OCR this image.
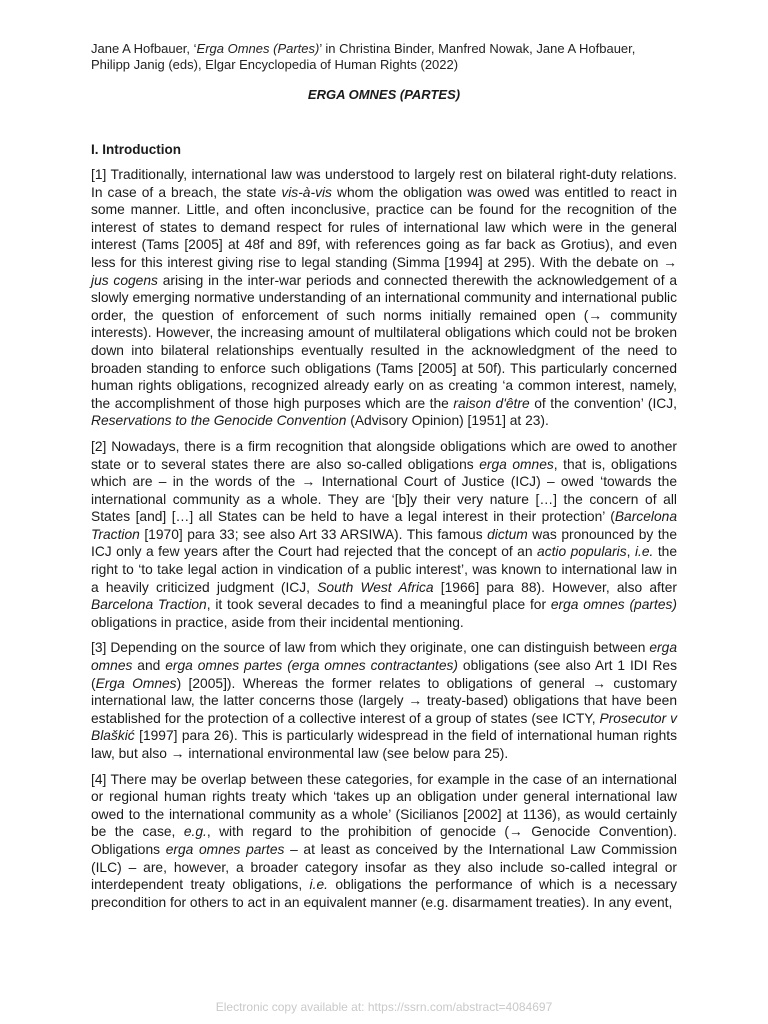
Jane A Hofbauer, ‘Erga Omnes (Partes)’ in Christina Binder, Manfred Nowak, Jane A Hofbauer,
Philipp Janig (eds), Elgar Encyclopedia of Human Rights (2022)
ERGA OMNES (PARTES)
I. Introduction

[1] Traditionally, international law was understood to largely rest on bilateral right-duty relations. In case of a breach, the state vis-à-vis whom the obligation was owed was entitled to react in some manner. Little, and often inconclusive, practice can be found for the recognition of the interest of states to demand respect for rules of international law which were in the general interest (Tams [2005] at 48f and 89f, with references going as far back as Grotius), and even less for this interest giving rise to legal standing (Simma [1994] at 295). With the debate on → jus cogens arising in the inter-war periods and connected therewith the acknowledgement of a slowly emerging normative understanding of an international community and international public order, the question of enforcement of such norms initially remained open (→ community interests). However, the increasing amount of multilateral obligations which could not be broken down into bilateral relationships eventually resulted in the acknowledgment of the need to broaden standing to enforce such obligations (Tams [2005] at 50f). This particularly concerned human rights obligations, recognized already early on as creating ‘a common interest, namely, the accomplishment of those high purposes which are the raison d'être of the convention’ (ICJ, Reservations to the Genocide Convention (Advisory Opinion) [1951] at 23).

[2] Nowadays, there is a firm recognition that alongside obligations which are owed to another state or to several states there are also so-called obligations erga omnes, that is, obligations which are – in the words of the → International Court of Justice (ICJ) – owed ‘towards the international community as a whole. They are ‘[b]y their very nature […] the concern of all States [and] […] all States can be held to have a legal interest in their protection’ (Barcelona Traction [1970] para 33; see also Art 33 ARSIWA). This famous dictum was pronounced by the ICJ only a few years after the Court had rejected that the concept of an actio popularis, i.e. the right to ‘to take legal action in vindication of a public interest’, was known to international law in a heavily criticized judgment (ICJ, South West Africa [1966] para 88). However, also after Barcelona Traction, it took several decades to find a meaningful place for erga omnes (partes) obligations in practice, aside from their incidental mentioning.

[3] Depending on the source of law from which they originate, one can distinguish between erga omnes and erga omnes partes (erga omnes contractantes) obligations (see also Art 1 IDI Res (Erga Omnes) [2005]). Whereas the former relates to obligations of general → customary international law, the latter concerns those (largely → treaty-based) obligations that have been established for the protection of a collective interest of a group of states (see ICTY, Prosecutor v Blaškić [1997] para 26). This is particularly widespread in the field of international human rights law, but also → international environmental law (see below para 25).

[4] There may be overlap between these categories, for example in the case of an international or regional human rights treaty which ‘takes up an obligation under general international law owed to the international community as a whole’ (Sicilianos [2002] at 1136), as would certainly be the case, e.g., with regard to the prohibition of genocide (→ Genocide Convention). Obligations erga omnes partes – at least as conceived by the International Law Commission (ILC) – are, however, a broader category insofar as they also include so-called integral or interdependent treaty obligations, i.e. obligations the performance of which is a necessary precondition for others to act in an equivalent manner (e.g. disarmament treaties). In any event,

Electronic copy available at: https://ssrn.com/abstract=4084697
